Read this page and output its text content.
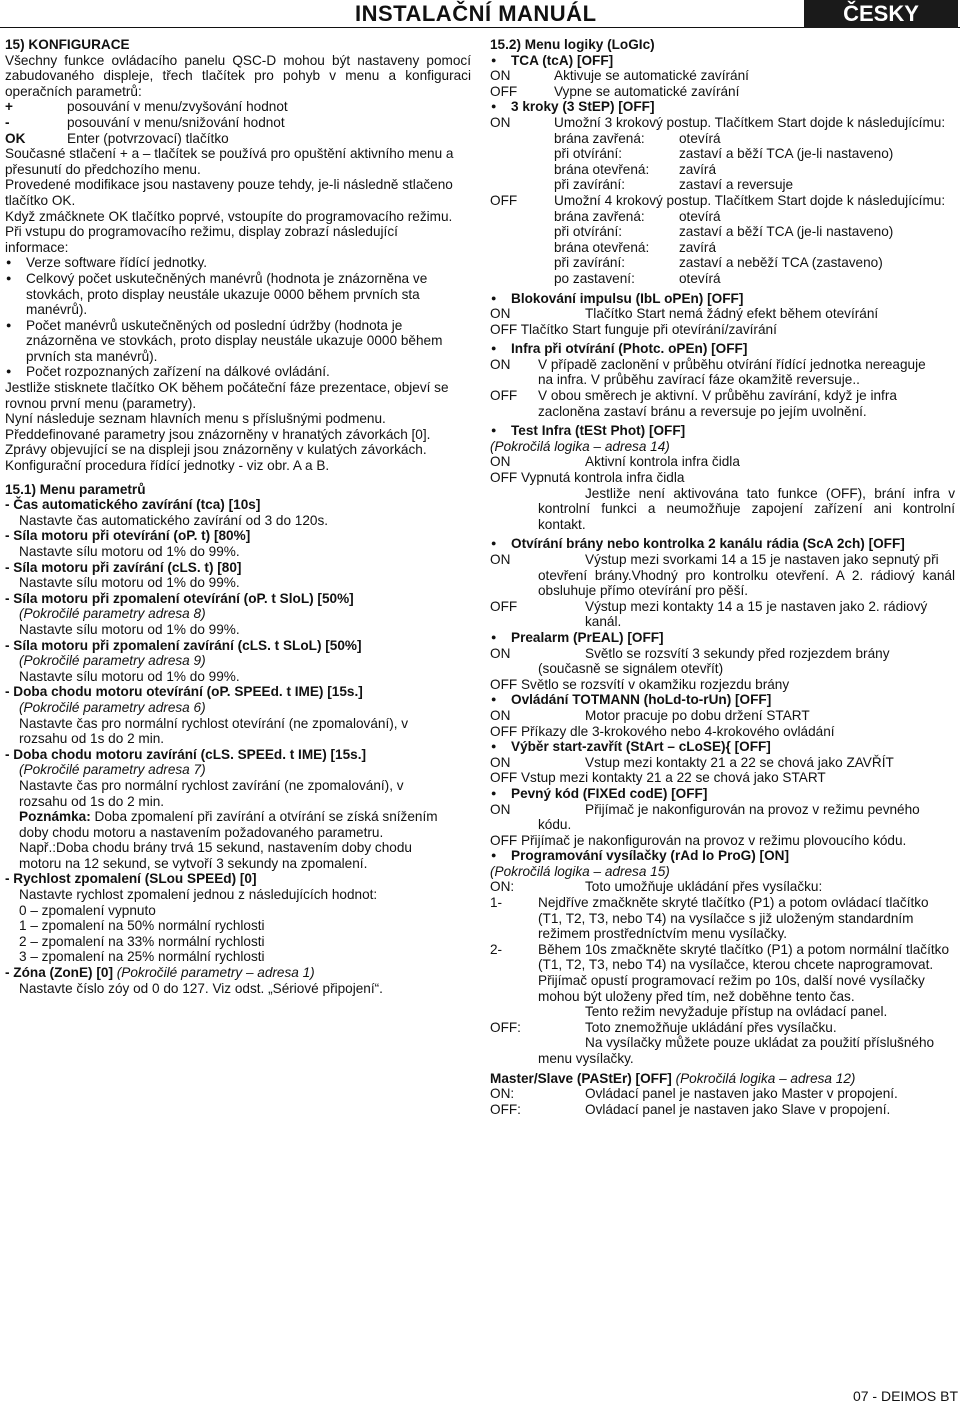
INSTALAČNÍ MANUÁL	ČESKY
15) KONFIGURACE
Všechny funkce ovládacího panelu QSC-D mohou být nastaveny pomocí
zabudovaného displeje, třech tlačítek pro pohyb v menu a konfiguraci
operačních parametrů:
+	posouvání v menu/zvyšování hodnot
-	posouvání v menu/snižování hodnot
OK	Enter (potvrzovací) tlačítko
Současné stlačení + a – tlačítek se používá pro opuštění aktivního menu a
přesunutí do předchozího menu.
Provedené modifikace jsou nastaveny pouze tehdy, je-li následně stlačeno
tlačítko OK.
Když zmáčknete OK tlačítko poprvé, vstoupíte do programovacího režimu.
Při vstupu do programovacího režimu, display zobrazí následující
informace:
● Verze software řídící jednotky.
● Celkový počet uskutečněných manévrů (hodnota je znázorněna ve
stovkách, proto display neustále ukazuje 0000 během prvních sta
manévrů).
● Počet manévrů uskutečněných od poslední údržby (hodnota je
znázorněna ve stovkách, proto display neustále ukazuje 0000 během
prvních sta manévrů).
● Počet rozpoznaných zařízení na dálkové ovládání.
Jestliže stisknete tlačítko OK během počáteční fáze prezentace, objeví se
rovnou první menu (parametry).
Nyní následuje seznam hlavních menu s příslušnými podmenu.
Předdefinované parametry jsou znázorněny v hranatých závorkách [0].
Zprávy objevující se na displeji jsou znázorněny v kulatých závorkách.
Konfigurační procedura řídící jednotky - viz obr. A a B.
15.1) Menu parametrů
- Čas automatického zavírání (tca) [10s]
Nastavte čas automatického zavírání od 3 do 120s.
- Síla motoru při otevírání (oP. t) [80%]
Nastavte sílu motoru od 1% do 99%.
- Síla motoru při zavírání (cLS. t) [80]
Nastavte sílu motoru od 1% do 99%.
- Síla motoru při zpomalení otevírání (oP. t SloL) [50%]
(Pokročilé parametry adresa 8)
Nastavte sílu motoru od 1% do 99%.
- Síla motoru při zpomalení zavírání (cLS. t SLoL) [50%]
(Pokročilé parametry adresa 9)
Nastavte sílu motoru od 1% do 99%.
- Doba chodu motoru otevírání (oP. SPEEd. t IME) [15s.]
(Pokročilé parametry adresa 6)
Nastavte čas pro normální rychlost otevírání (ne zpomalování), v
rozsahu od 1s do 2 min.
- Doba chodu motoru zavírání (cLS. SPEEd. t IME) [15s.]
(Pokročilé parametry adresa 7)
Nastavte čas pro normální rychlost zavírání (ne zpomalování), v
rozsahu od 1s do 2 min.
Poznámka: Doba zpomalení při zavírání a otvírání se získá snížením
doby chodu motoru a nastavením požadovaného parametru.
Např.:Doba chodu brány trvá 15 sekund, nastavením doby chodu
motoru na 12 sekund, se vytvoří 3 sekundy na zpomalení.
- Rychlost zpomalení (SLou SPEEd) [0]
Nastavte rychlost zpomalení jednou z následujících hodnot:
0 – zpomalení vypnuto
1 – zpomalení na 50% normální rychlosti
2 – zpomalení na 33% normální rychlosti
3 – zpomalení na 25% normální rychlosti
- Zóna (ZonE) [0] (Pokročilé parametry – adresa 1)
Nastavte číslo zóy od 0 do 127. Viz odst. „Sériové připojení“.
15.2) Menu logiky (LoGIc)
● TCA (tcA) [OFF]
ON	Aktivuje se automatické zavírání
OFF	Vypne se automatické zavírání
● 3 kroky (3 StEP) [OFF]
ON	Umožní 3 krokový postup. Tlačítkem Start dojde k následujícímu:
brána zavřená:	otevírá
při otvírání:	zastaví a běží TCA (je-li nastaveno)
brána otevřená:	zavírá
při zavírání:	zastaví a reversuje
OFF	Umožní 4 krokový postup. Tlačítkem Start dojde k následujícímu:
brána zavřená:	otevírá
při otvírání:	zastaví a běží TCA (je-li nastaveno)
brána otevřená:	zavírá
při zavírání:	zastaví a neběží TCA (zastaveno)
po zastavení:	otevírá
● Blokování impulsu (IbL oPEn) [OFF]
ON	Tlačítko Start nemá žádný efekt během otevírání
OFF Tlačítko Start funguje při otevírání/zavírání
● Infra při otvírání (Photc. oPEn) [OFF]
ON	V případě zaclonění v průběhu otvírání řídící jednotka nereaguje
na infra. V průběhu zavírací fáze okamžitě reversuje..
OFF	V obou směrech je aktivní. V průběhu zavírání, když je infra
zacloněna zastaví bránu a reversuje po jejím uvolnění.
● Test Infra (tESt Phot) [OFF]
(Pokročilá logika – adresa 14)
ON	Aktivní kontrola infra čidla
OFF Vypnutá kontrola infra čidla
Jestliže není aktivována tato funkce (OFF), brání infra v
kontrolní funkci a neumožňuje zapojení zařízení ani kontrolní
kontakt.
● Otvírání brány nebo kontrolka 2 kanálu rádia (ScA 2ch) [OFF]
ON	Výstup mezi svorkami 14 a 15 je nastaven jako sepnutý při
otevření brány.Vhodný pro kontrolku otevření. A 2. rádiový kanál
obsluhuje přímo otevírání pro pěší.
OFF	Výstup mezi kontakty 14 a 15 je nastaven jako 2. rádiový kanál.
● Prealarm (PrEAL) [OFF]
ON	Světlo se rozsvítí 3 sekundy před rozjezdem brány
(současně se signálem otevřít)
OFF Světlo se rozsvítí v okamžiku rozjezdu brány
● Ovládání TOTMANN (hoLd-to-rUn) [OFF]
ON	Motor pracuje po dobu držení START
OFF Příkazy dle 3-krokového nebo 4-krokového ovládání
● Výběr start-zavřít (StArt – cLoSE){ [OFF]
ON	Vstup mezi kontakty 21 a 22 se chová jako ZAVŘÍT
OFF Vstup mezi kontakty 21 a 22 se chová jako START
● Pevný kód (FIXEd codE) [OFF]
ON	Přijímač je nakonfigurován na provoz v režimu pevného
kódu.
OFF Přijímač je nakonfigurován na provoz v režimu plovoucího kódu.
● Programování vysílačky (rAd Io ProG) [ON]
(Pokročilá logika – adresa 15)
ON:	Toto umožňuje ukládání přes vysílačku:
1-	Nejdříve zmačkněte skryté tlačítko (P1) a potom ovládací tlačítko
(T1, T2, T3, nebo T4) na vysílačce s již uloženým standardním
režimem prostředníctvím menu vysílačky.
2-	Během 10s zmačkněte skryté tlačítko (P1) a potom normální tlačítko
(T1, T2, T3, nebo T4) na vysílačce, kterou chcete naprogramovat.
Přijímač opustí programovací režim po 10s, další nové vysílačky
mohou být uloženy před tím, než doběhne tento čas.
Tento režim nevyžaduje přístup na ovládací panel.
OFF:	Toto znemožňuje ukládání přes vysílačku.
Na vysílačky můžete pouze ukládat za použití příslušného
menu vysílačky.
Master/Slave (PAStEr) [OFF] (Pokročilá logika – adresa 12)
ON:	Ovládací panel je nastaven jako Master v propojení.
OFF:	Ovládací panel je nastaven jako Slave v propojení.
07 - DEIMOS BT
